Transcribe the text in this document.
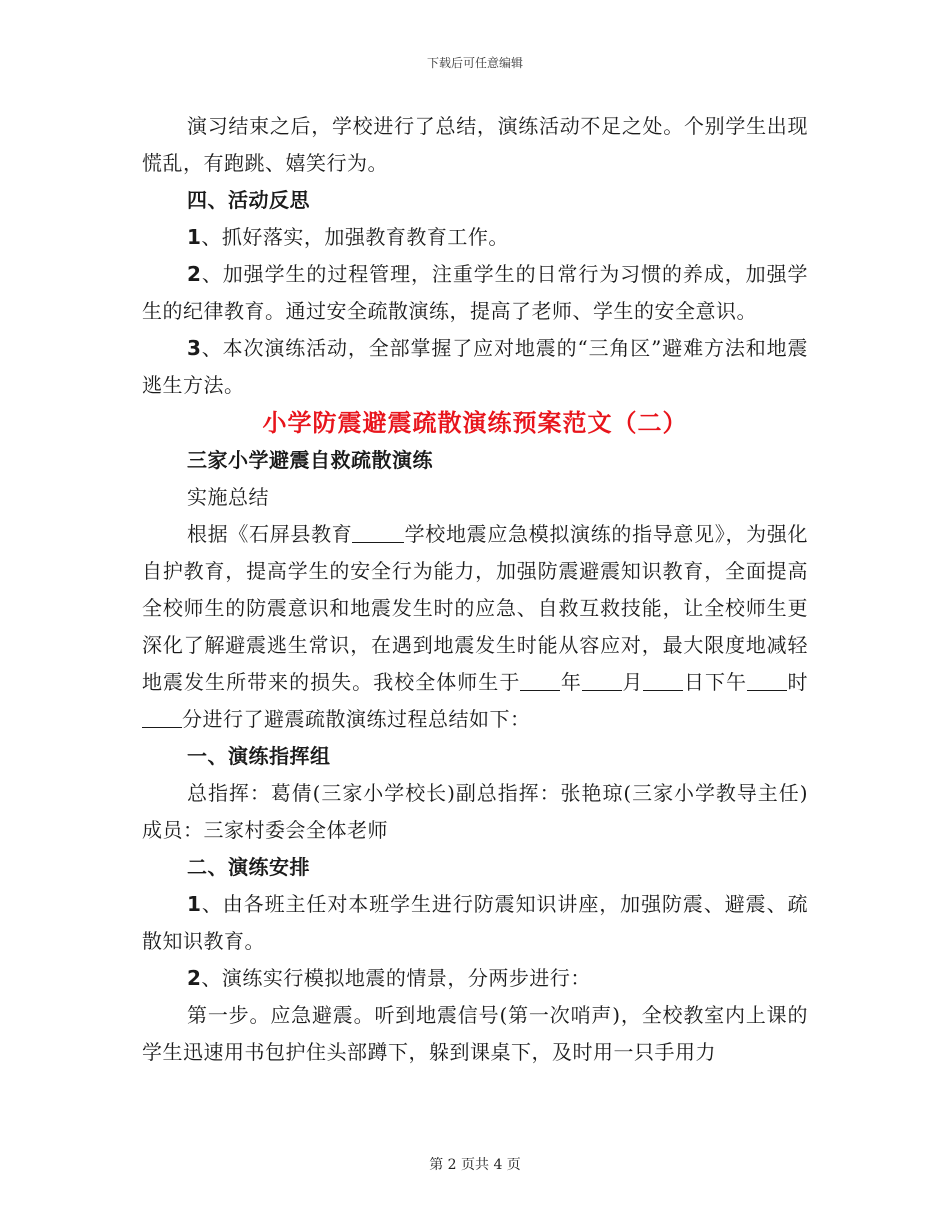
下载后可任意编辑

演习结束之后，学校进行了总结，演练活动不足之处。个别学生出现慌乱，有跑跳、嬉笑行为。

四、活动反思

1、抓好落实，加强教育教育工作。

2、加强学生的过程管理，注重学生的日常行为习惯的养成，加强学生的纪律教育。通过安全疏散演练，提高了老师、学生的安全意识。

3、本次演练活动，全部掌握了应对地震的“三角区”避难方法和地震逃生方法。

小学防震避震疏散演练预案范文（二）

三家小学避震自救疏散演练

实施总结

根据《石屏县教育	学校地震应急模拟演练的指导意见》，为强化自护教育，提高学生的安全行为能力，加强防震避震知识教育，全面提高全校师生的防震意识和地震发生时的应急、自救互救技能，让全校师生更深化了解避震逃生常识，在遇到地震发生时能从容应对，最大限度地减轻地震发生所带来的损失。我校全体师生于 年 月 日下午 时分进行了避震疏散演练过程总结如下：

一、演练指挥组

总指挥：葛倩(三家小学校长)副总指挥：张艳琼(三家小学教导主任)成员：三家村委会全体老师

二、演练安排

1、由各班主任对本班学生进行防震知识讲座，加强防震、避震、疏散知识教育。

2、演练实行模拟地震的情景，分两步进行：

第一步。应急避震。听到地震信号(第一次哨声)，全校教室内上课的学生迅速用书包护住头部蹲下，躲到课桌下，及时用一只手用力

第 2 页共 4 页
